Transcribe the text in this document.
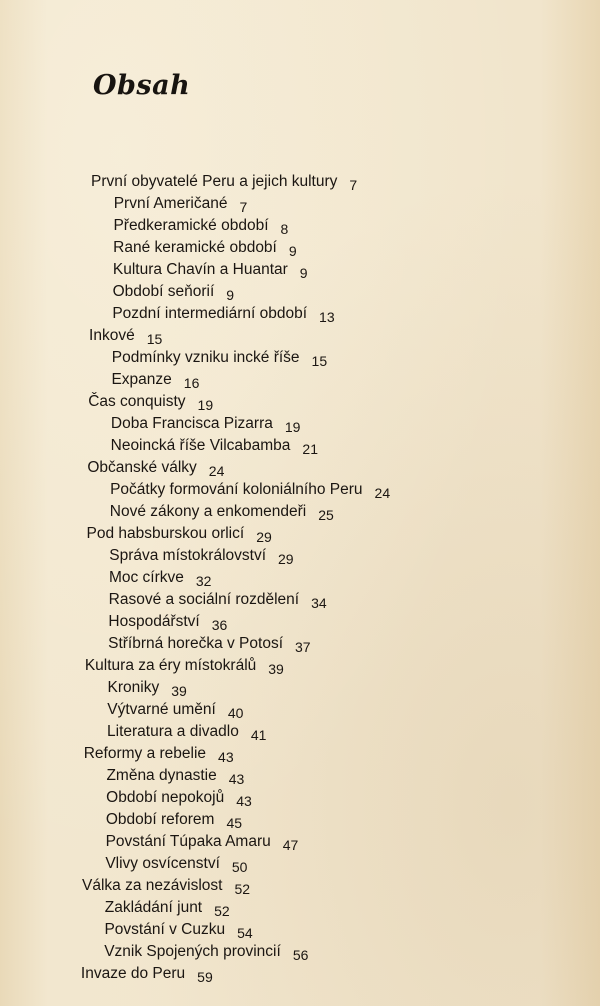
Obsah
První obyvatelé Peru a jejich kultury 7
První Američané 7
Předkeramické období 8
Rané keramické období 9
Kultura Chavín a Huantar 9
Období seňorií 9
Pozdní intermediární období 13
Inkové 15
Podmínky vzniku incké říše 15
Expanze 16
Čas conquisty 19
Doba Francisca Pizarra 19
Neoincká říše Vilcabamba 21
Občanské války 24
Počátky formování koloniálního Peru 24
Nové zákony a enkomendeři 25
Pod habsburskou orlicí 29
Správa místokrálovství 29
Moc církve 32
Rasové a sociální rozdělení 34
Hospodářství 36
Stříbrná horečka v Potosí 37
Kultura za éry místokrálů 39
Kroniky 39
Výtvarné umění 40
Literatura a divadlo 41
Reformy a rebelie 43
Změna dynastie 43
Období nepokojů 43
Období reforem 45
Povstání Túpaka Amaru 47
Vlivy osvícenství 50
Válka za nezávislost 52
Zakládání junt 52
Povstání v Cuzku 54
Vznik Spojených provincií 56
Invaze do Peru 59
